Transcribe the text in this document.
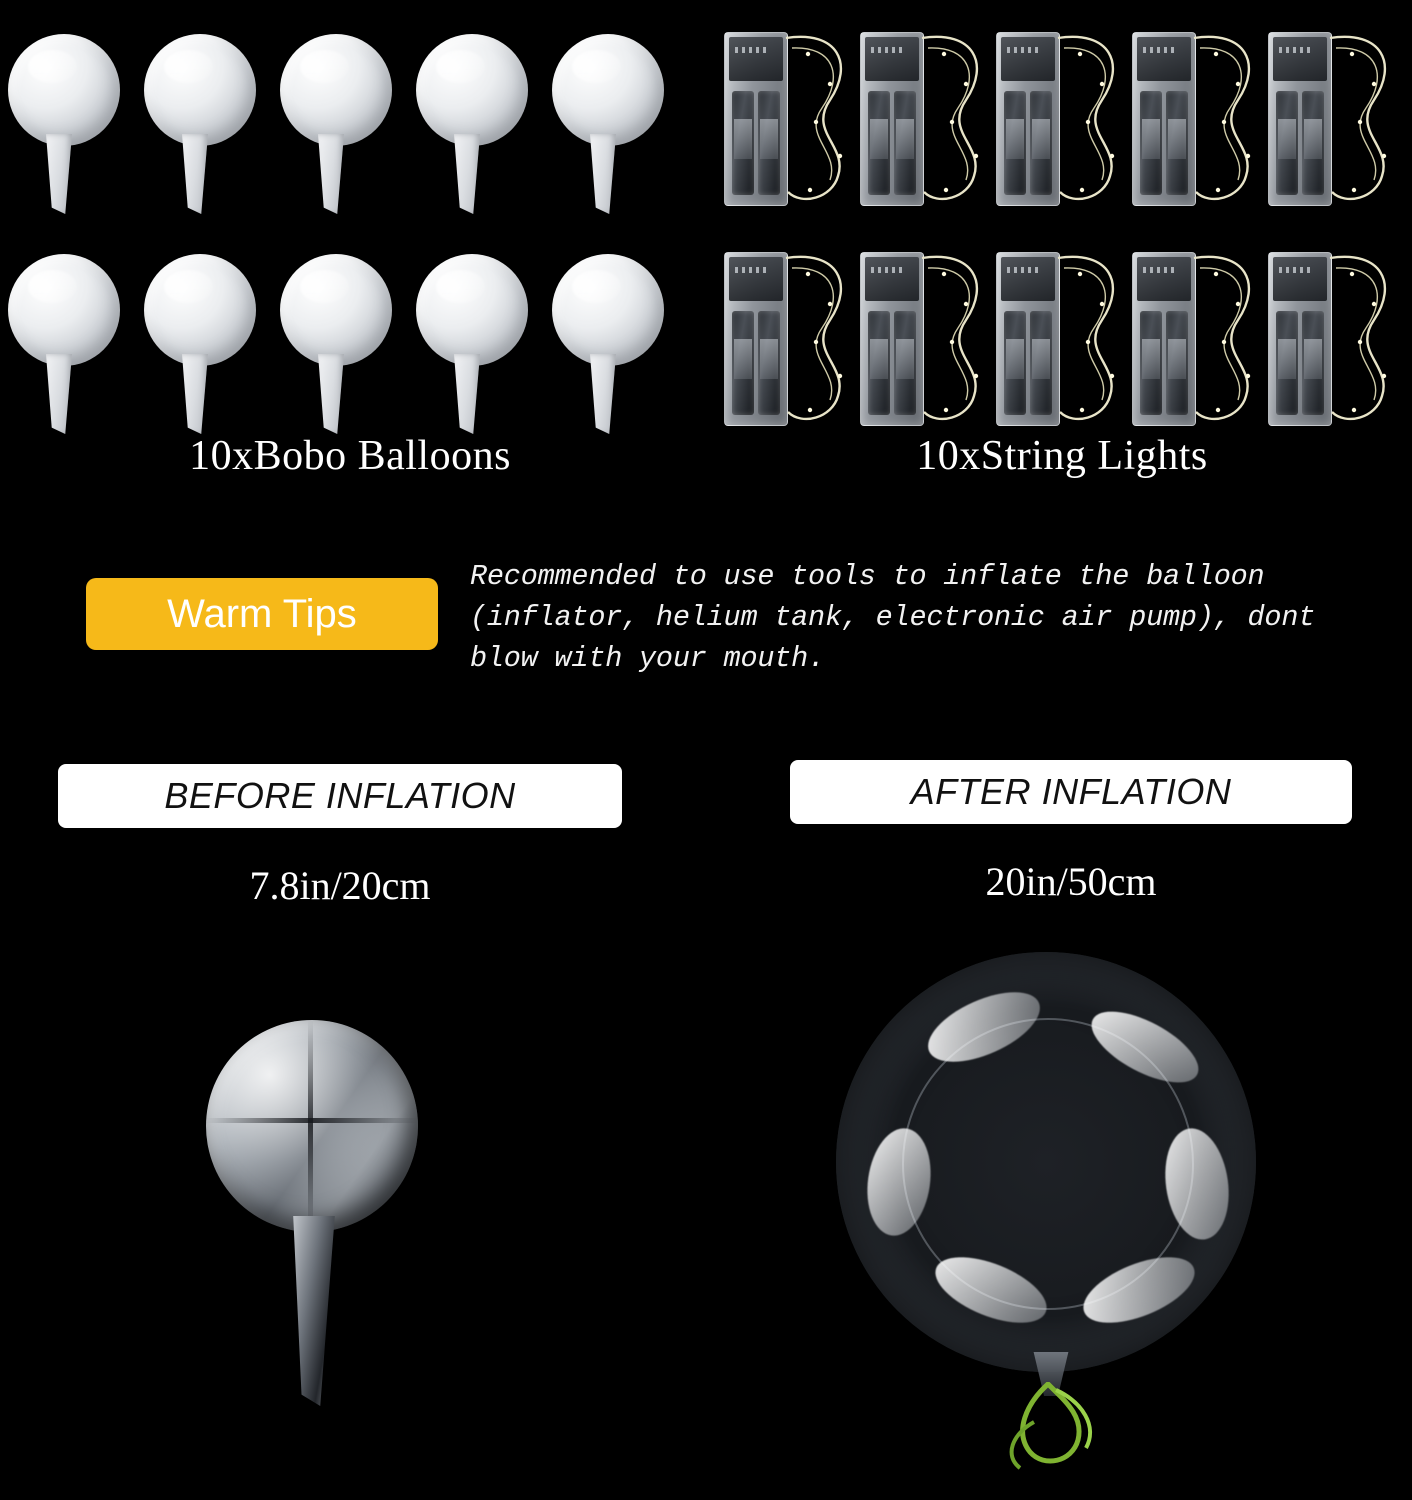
10xBobo Balloons	10xString Lights
Warm Tips
Recommended to use tools to inflate the balloon (inflator, helium tank, electronic air pump), dont blow with your mouth.
BEFORE INFLATION
7.8in/20cm
AFTER INFLATION
20in/50cm
